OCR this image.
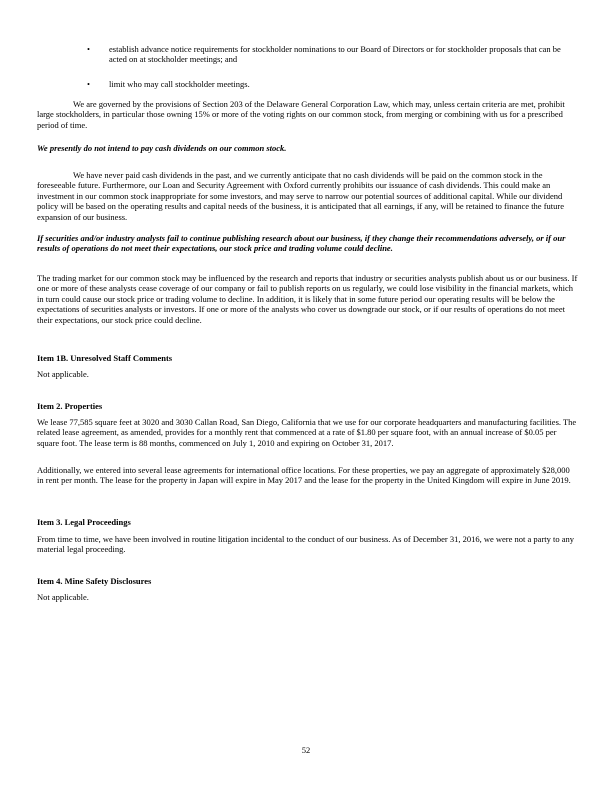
• establish advance notice requirements for stockholder nominations to our Board of Directors or for stockholder proposals that can be acted on at stockholder meetings; and
• limit who may call stockholder meetings.

We are governed by the provisions of Section 203 of the Delaware General Corporation Law, which may, unless certain criteria are met, prohibit large stockholders, in particular those owning 15% or more of the voting rights on our common stock, from merging or combining with us for a prescribed period of time.

We presently do not intend to pay cash dividends on our common stock.

We have never paid cash dividends in the past, and we currently anticipate that no cash dividends will be paid on the common stock in the foreseeable future. Furthermore, our Loan and Security Agreement with Oxford currently prohibits our issuance of cash dividends. This could make an investment in our common stock inappropriate for some investors, and may serve to narrow our potential sources of additional capital. While our dividend policy will be based on the operating results and capital needs of the business, it is anticipated that all earnings, if any, will be retained to finance the future expansion of our business.

If securities and/or industry analysts fail to continue publishing research about our business, if they change their recommendations adversely, or if our results of operations do not meet their expectations, our stock price and trading volume could decline.

The trading market for our common stock may be influenced by the research and reports that industry or securities analysts publish about us or our business. If one or more of these analysts cease coverage of our company or fail to publish reports on us regularly, we could lose visibility in the financial markets, which in turn could cause our stock price or trading volume to decline. In addition, it is likely that in some future period our operating results will be below the expectations of securities analysts or investors. If one or more of the analysts who cover us downgrade our stock, or if our results of operations do not meet their expectations, our stock price could decline.

Item 1B. Unresolved Staff Comments

Not applicable.

Item 2. Properties

We lease 77,585 square feet at 3020 and 3030 Callan Road, San Diego, California that we use for our corporate headquarters and manufacturing facilities. The related lease agreement, as amended, provides for a monthly rent that commenced at a rate of $1.80 per square foot, with an annual increase of $0.05 per square foot. The lease term is 88 months, commenced on July 1, 2010 and expiring on October 31, 2017.

Additionally, we entered into several lease agreements for international office locations. For these properties, we pay an aggregate of approximately $28,000 in rent per month. The lease for the property in Japan will expire in May 2017 and the lease for the property in the United Kingdom will expire in June 2019.

Item 3. Legal Proceedings

From time to time, we have been involved in routine litigation incidental to the conduct of our business. As of December 31, 2016, we were not a party to any material legal proceeding.

Item 4. Mine Safety Disclosures

Not applicable.

52
